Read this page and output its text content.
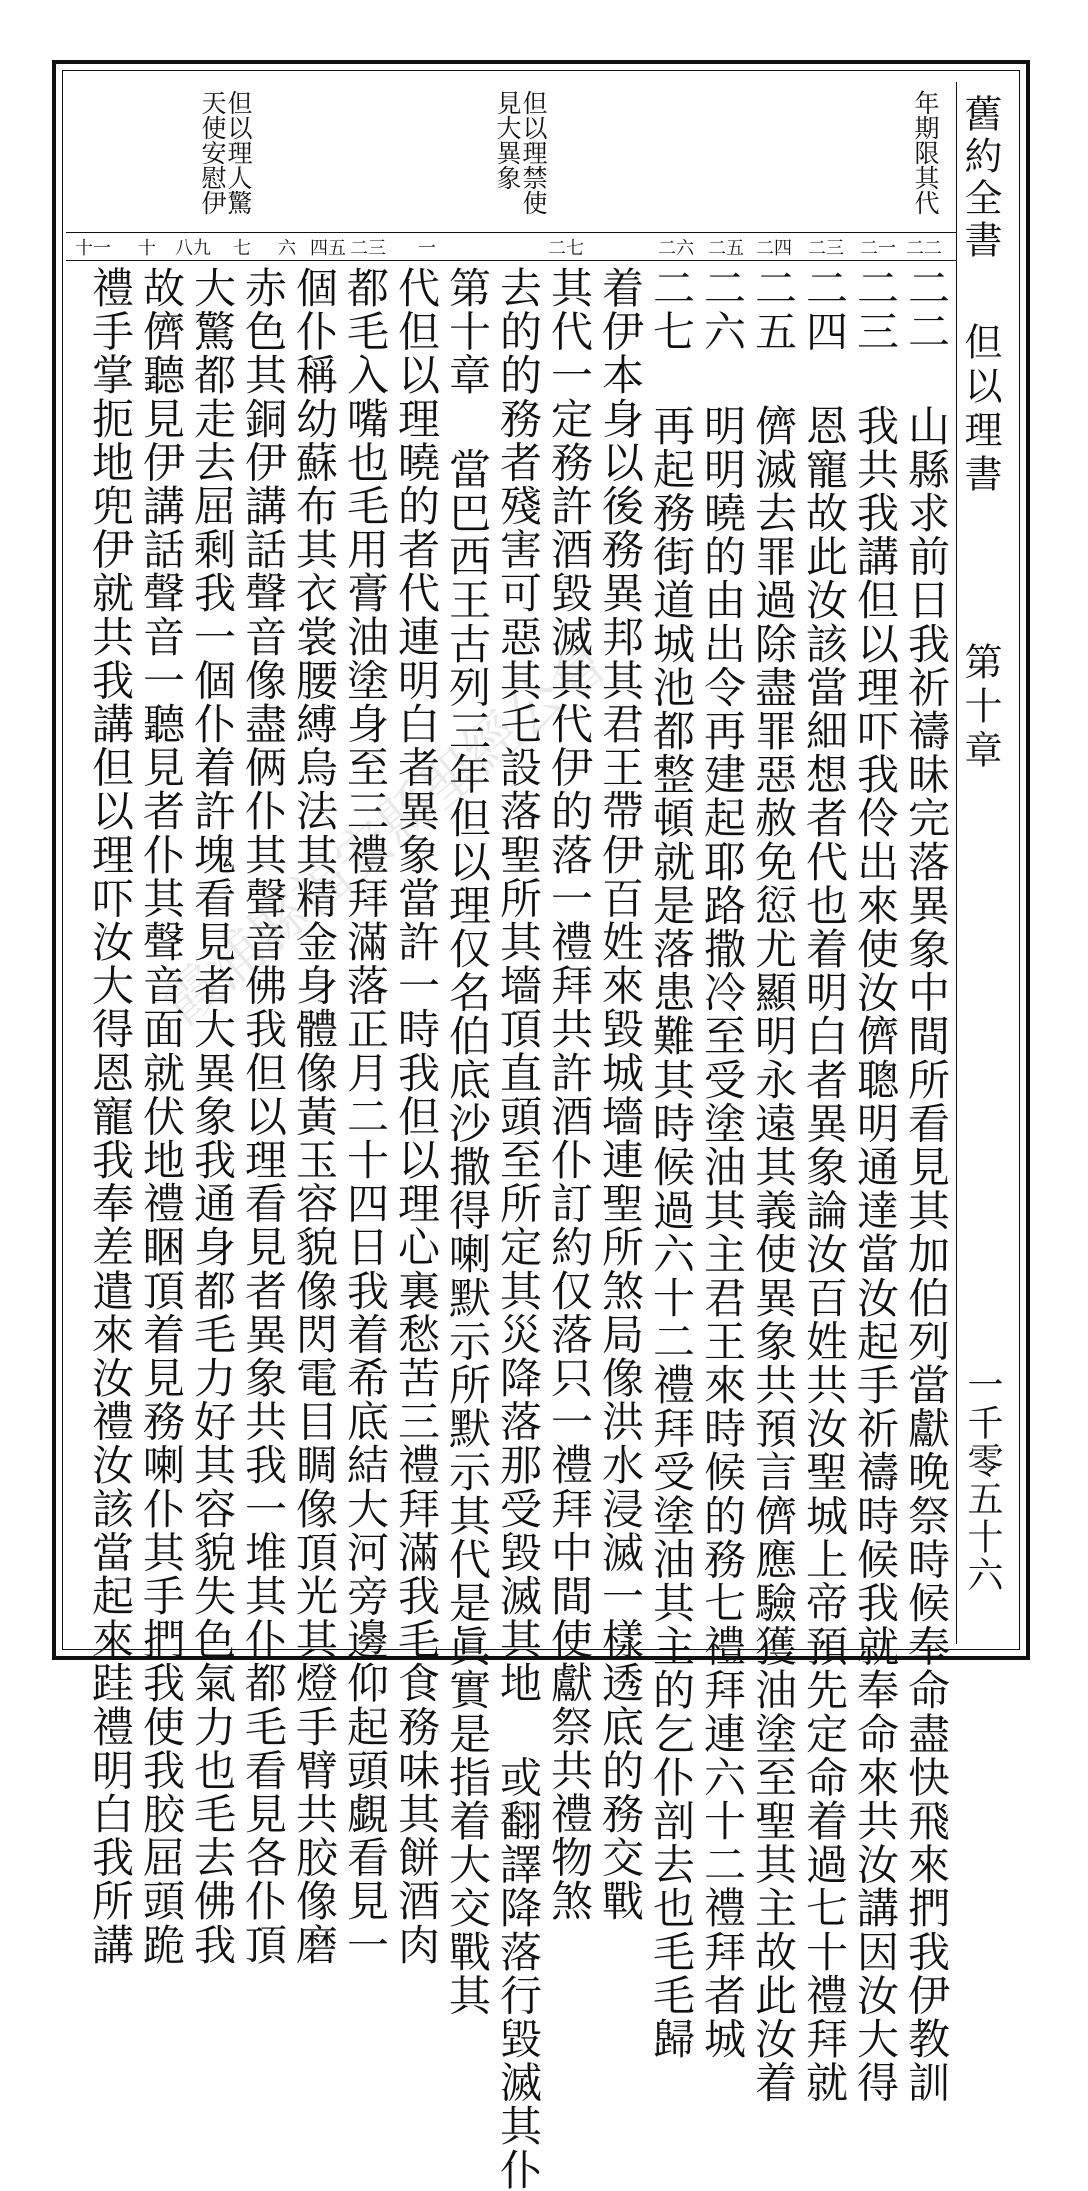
舊約全書
但以理書
第十章
一千零五十六
年期限其代
但以理禁使見大異象
但以理人驚天使安慰伊
二二
二一
二三
二四
二五
二六
二七
一
二三
四五
六
七
八九
十
十一
二二 山縣求前日我祈禱昧完落異象中間所看見其加伯列當獻晚祭時候奉命盡快飛來捫我伊教訓
二三 我共我講但以理吓我伶出來使汝儕聰明通達當汝起手祈禱時候我就奉命來共汝講因汝大得
二四 恩寵故此汝該當細想者代也着明白者異象論汝百姓共汝聖城上帝預先定命着過七十禮拜就
二五 儕滅去罪過除盡罪惡赦免愆尤顯明永遠其義使異象共預言儕應驗獲油塗至聖其主故此汝着
二六 明明曉的由出令再建起耶路撒冷至受塗油其主君王來時候的務七禮拜連六十二禮拜者城
二七 再起務街道城池都整頓就是落患難其時候過六十二禮拜受塗油其主的乞仆剖去也毛毛歸
着伊本身以後務異邦其君王帶伊百姓來毀城墻連聖所煞局像洪水浸滅一樣透底的務交戰
其代一定務許酒毀滅其代伊的落一禮拜共許酒仆訂約仅落只一禮拜中間使獻祭共禮物煞
去的的務者殘害可惡其乇設落聖所其墻頂直頭至所定其災降落那受毀滅其地 或翻譯降落行毀滅其仆
第十章 當巴西王古列三年但以理仅名伯底沙撒得喇默示所默示其代是眞實是指着大交戰其
代但以理曉的者代連明白者異象當許一時我但以理心裏愁苦三禮拜滿我毛食務味其餅酒肉
都毛入嘴也毛用膏油塗身至三禮拜滿落正月二十四日我着希底結大河旁邊仰起頭覷看見一
個仆稱幼蘇布其衣裳腰縛烏法其精金身體像黃玉容貌像閃電目睭像頂光其燈手臂共胶像磨
赤色其銅伊講話聲音像盡俩仆其聲音佛我但以理看見者異象共我一堆其仆都毛看見各仆頂
大驚都走去屈剩我一個仆着許塊看見者大異象我通身都毛力好其容貌失色氣力也毛去佛我
故儕聽見伊講話聲音一聽見者仆其聲音面就伏地禮睏頂着見務喇仆其手捫我使我胶屈頭跪
禮手掌扼地兜伊就共我講但以理吓汝大得恩寵我奉差遣來汝禮汝該當起來跬禮明白我所講 霞浦縣福安縣聖經公會
